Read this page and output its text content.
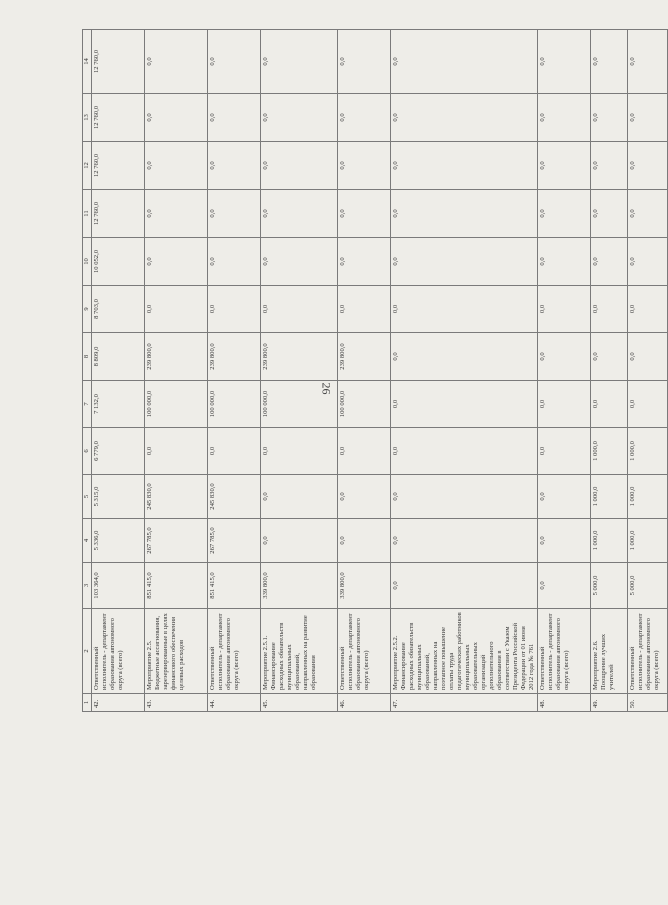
26
1	2	3	4	5	6	7	8	9	10	11	12	13	14
42.	Ответственный исполнитель - департамент образования автономного округа (всего)	103 364,0	5 336,0	5 315,0	6 779,0	7 132,0	8 809,0	8 703,0	10 052,0	12 760,0	12 760,0	12 760,0	12 760,0
43.	Мероприятие 2.5. Бюджетные ассигнования, зарезервированные в целях финансового обеспечения целевых расходов	851 415,0	267 785,0	245 830,0	0,0	100 000,0	239 800,0	0,0	0,0	0,0	0,0	0,0	0,0
44.	Ответственный исполнитель - департамент образования автономного округа (всего)	851 415,0	267 785,0	245 830,0	0,0	100 000,0	239 800,0	0,0	0,0	0,0	0,0	0,0	0,0
45.	Мероприятие 2.5.1. Финансирование расходных обязательств муниципальных образований, направленных на развитие образования	339 800,0	0,0	0,0	0,0	100 000,0	239 800,0	0,0	0,0	0,0	0,0	0,0	0,0
46.	Ответственный исполнитель - департамент образования автономного округа (всего)	339 800,0	0,0	0,0	0,0	100 000,0	239 800,0	0,0	0,0	0,0	0,0	0,0	0,0
47.	Мероприятие 2.5.2. Финансирование расходных обязательств муниципальных образований, направленных на поэтапное повышение оплаты труда педагогических работников муниципальных образовательных организаций дополнительного образования в соответствии с Указом Президента Российской Федерации от 01 июня 2012 года № 761	0,0	0,0	0,0	0,0	0,0	0,0	0,0	0,0	0,0	0,0	0,0	0,0
48.	Ответственный исполнитель - департамент образования автономного округа (всего)	0,0	0,0	0,0	0,0	0,0	0,0	0,0	0,0	0,0	0,0	0,0	0,0
49.	Мероприятие 2.6. Поощрение лучших учителей	5 000,0	1 000,0	1 000,0	1 000,0	0,0	0,0	0,0	0,0	0,0	0,0	0,0	0,0
50.	Ответственный исполнитель - департамент образования автономного округа (всего)	5 000,0	1 000,0	1 000,0	1 000,0	0,0	0,0	0,0	0,0	0,0	0,0	0,0	0,0
